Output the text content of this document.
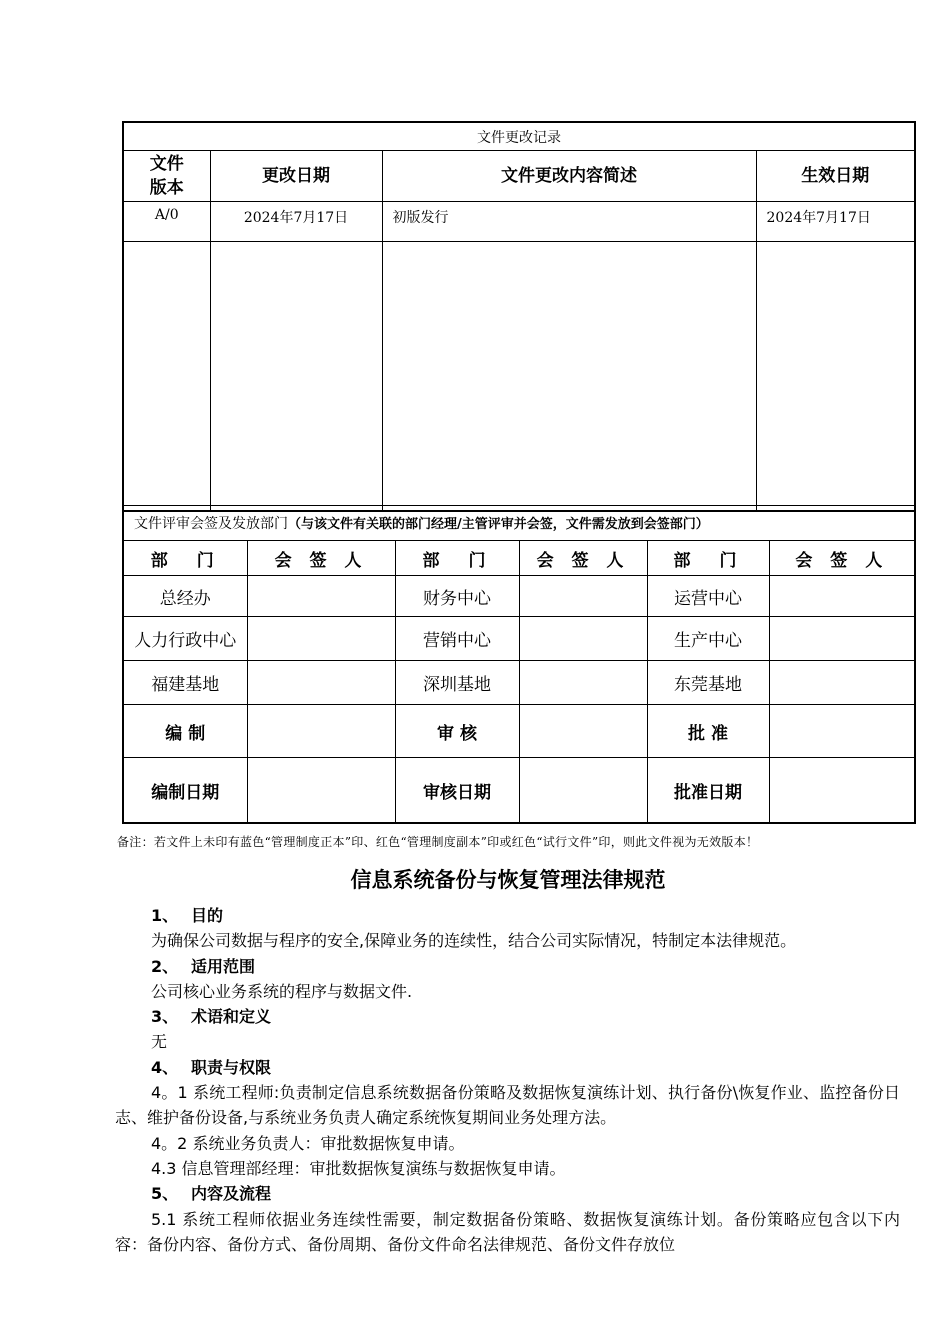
文件更改记录			
文件
版本	更改日期	文件更改内容简述	生效日期
A/0	2024年7月17日	初版发行	2024年7月17日

文件评审会签及发放部门（与该文件有关联的部门经理/主管评审并会签，文件需发放到会签部门）					
部　门	会 签 人	部　门	会 签 人	部　门	会 签 人
总经办		财务中心		运营中心	
人力行政中心		营销中心		生产中心	
福建基地		深圳基地		东莞基地	
编 制		审 核		批 准	
编制日期		审核日期		批准日期	
备注：若文件上未印有蓝色“管理制度正本”印、红色“管理制度副本”印或红色“试行文件”印，则此文件视为无效版本！
信息系统备份与恢复管理法律规范
1、 目的
为确保公司数据与程序的安全,保障业务的连续性，结合公司实际情况，特制定本法律规范。
2、 适用范围
公司核心业务系统的程序与数据文件.
3、 术语和定义
无
4、 职责与权限
4。1 系统工程师:负责制定信息系统数据备份策略及数据恢复演练计划、执行备份\恢复作业、监控备份日志、维护备份设备,与系统业务负责人确定系统恢复期间业务处理方法。
4。2 系统业务负责人：审批数据恢复申请。
4.3 信息管理部经理：审批数据恢复演练与数据恢复申请。
5、 内容及流程
5.1 系统工程师依据业务连续性需要，制定数据备份策略、数据恢复演练计划。备份策略应包含以下内容：备份内容、备份方式、备份周期、备份文件命名法律规范、备份文件存放位
